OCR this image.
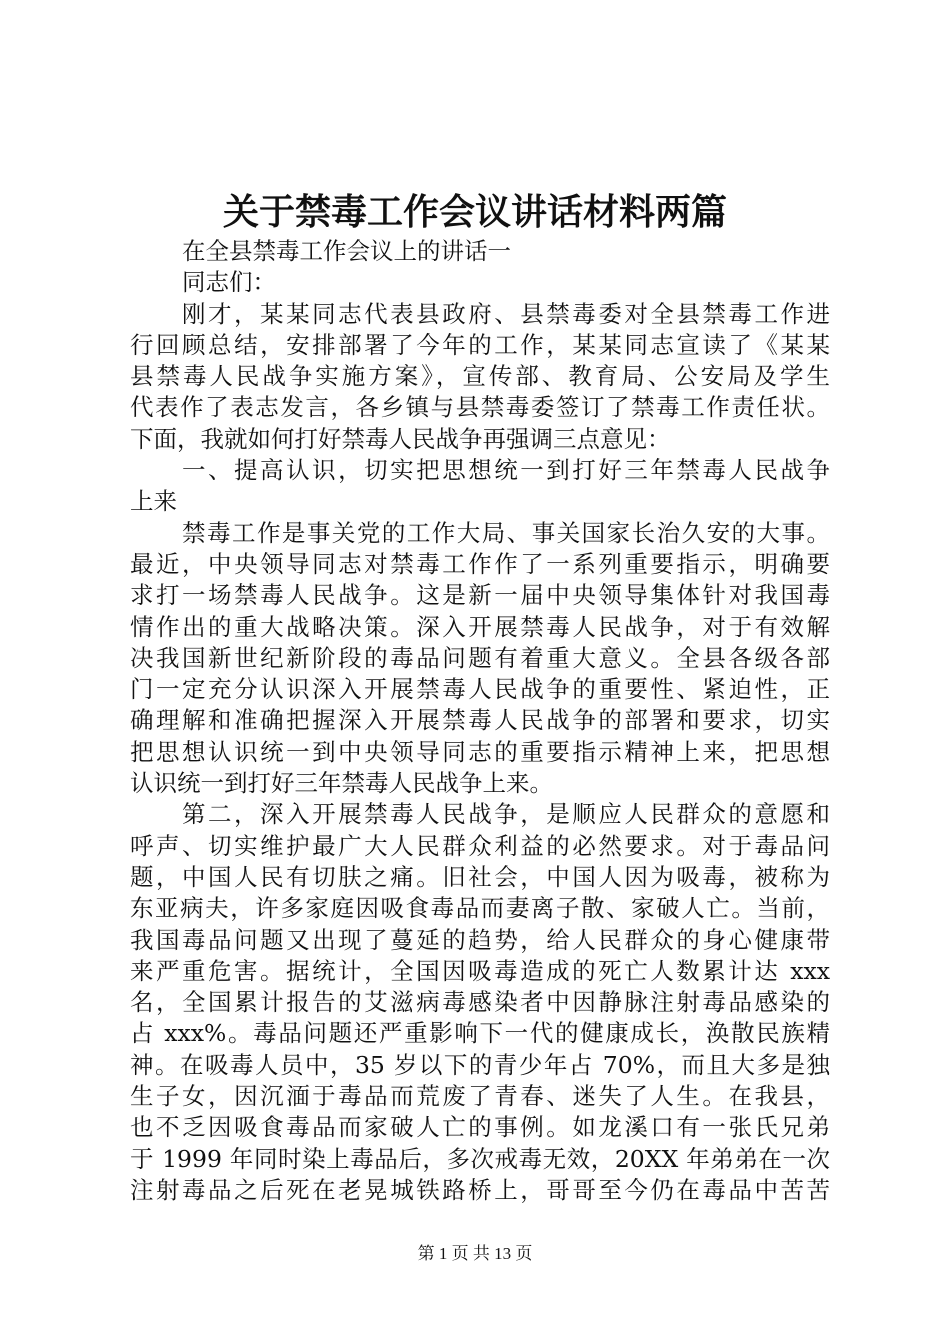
关于禁毒工作会议讲话材料两篇
在全县禁毒工作会议上的讲话一
同志们：
刚才，某某同志代表县政府、县禁毒委对全县禁毒工作进
行回顾总结，安排部署了今年的工作，某某同志宣读了《某某
县禁毒人民战争实施方案》，宣传部、教育局、公安局及学生
代表作了表志发言，各乡镇与县禁毒委签订了禁毒工作责任状。
下面，我就如何打好禁毒人民战争再强调三点意见：
一、提高认识，切实把思想统一到打好三年禁毒人民战争
上来
禁毒工作是事关党的工作大局、事关国家长治久安的大事。
最近，中央领导同志对禁毒工作作了一系列重要指示，明确要
求打一场禁毒人民战争。这是新一届中央领导集体针对我国毒
情作出的重大战略决策。深入开展禁毒人民战争，对于有效解
决我国新世纪新阶段的毒品问题有着重大意义。全县各级各部
门一定充分认识深入开展禁毒人民战争的重要性、紧迫性，正
确理解和准确把握深入开展禁毒人民战争的部署和要求，切实
把思想认识统一到中央领导同志的重要指示精神上来，把思想
认识统一到打好三年禁毒人民战争上来。
第二，深入开展禁毒人民战争，是顺应人民群众的意愿和
呼声、切实维护最广大人民群众利益的必然要求。对于毒品问
题，中国人民有切肤之痛。旧社会，中国人因为吸毒，被称为
东亚病夫，许多家庭因吸食毒品而妻离子散、家破人亡。当前，
我国毒品问题又出现了蔓延的趋势，给人民群众的身心健康带
来严重危害。据统计，全国因吸毒造成的死亡人数累计达 xxx
名，全国累计报告的艾滋病毒感染者中因静脉注射毒品感染的
占 xxx%。毒品问题还严重影响下一代的健康成长，涣散民族精
神。在吸毒人员中，35 岁以下的青少年占 70%，而且大多是独
生子女，因沉湎于毒品而荒废了青春、迷失了人生。在我县，
也不乏因吸食毒品而家破人亡的事例。如龙溪口有一张氏兄弟
于 1999 年同时染上毒品后，多次戒毒无效，20XX 年弟弟在一次
注射毒品之后死在老晃城铁路桥上，哥哥至今仍在毒品中苦苦
第 1 页 共 13 页
